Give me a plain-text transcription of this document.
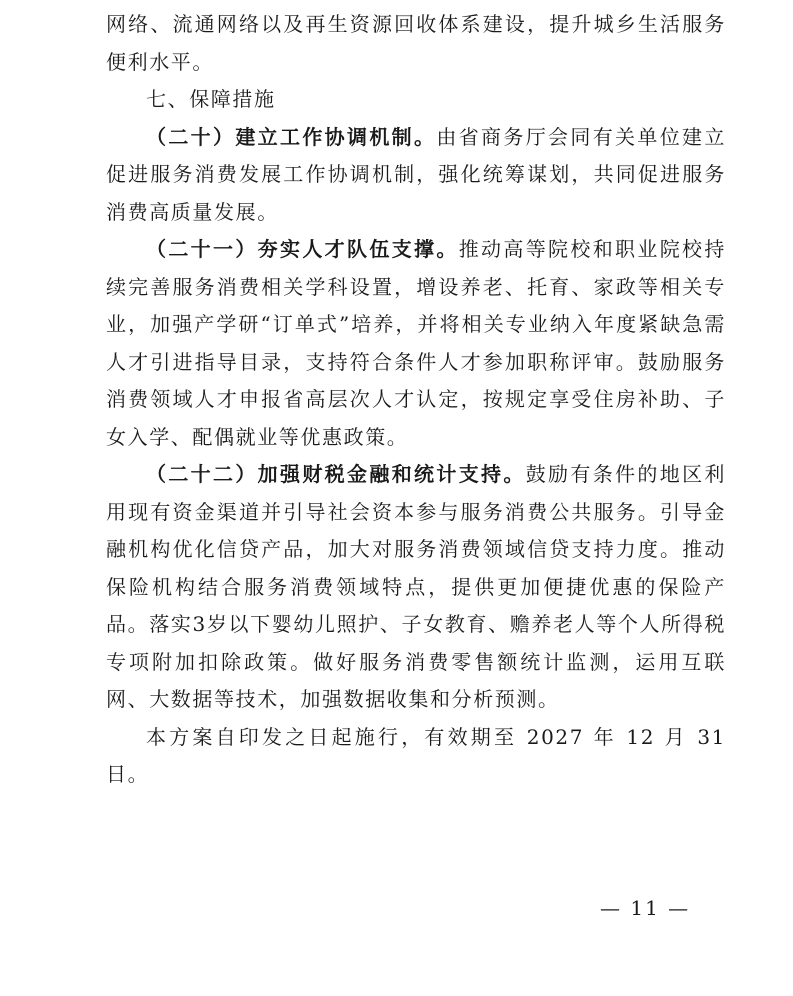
网络、流通网络以及再生资源回收体系建设，提升城乡生活服务便利水平。

七、保障措施

（二十）建立工作协调机制。由省商务厅会同有关单位建立促进服务消费发展工作协调机制，强化统筹谋划，共同促进服务消费高质量发展。

（二十一）夯实人才队伍支撑。推动高等院校和职业院校持续完善服务消费相关学科设置，增设养老、托育、家政等相关专业，加强产学研“订单式”培养，并将相关专业纳入年度紧缺急需人才引进指导目录，支持符合条件人才参加职称评审。鼓励服务消费领域人才申报省高层次人才认定，按规定享受住房补助、子女入学、配偶就业等优惠政策。

（二十二）加强财税金融和统计支持。鼓励有条件的地区利用现有资金渠道并引导社会资本参与服务消费公共服务。引导金融机构优化信贷产品，加大对服务消费领域信贷支持力度。推动保险机构结合服务消费领域特点，提供更加便捷优惠的保险产品。落实3岁以下婴幼儿照护、子女教育、赡养老人等个人所得税专项附加扣除政策。做好服务消费零售额统计监测，运用互联网、大数据等技术，加强数据收集和分析预测。

本方案自印发之日起施行，有效期至 2027 年 12 月 31 日。

— 11 —
